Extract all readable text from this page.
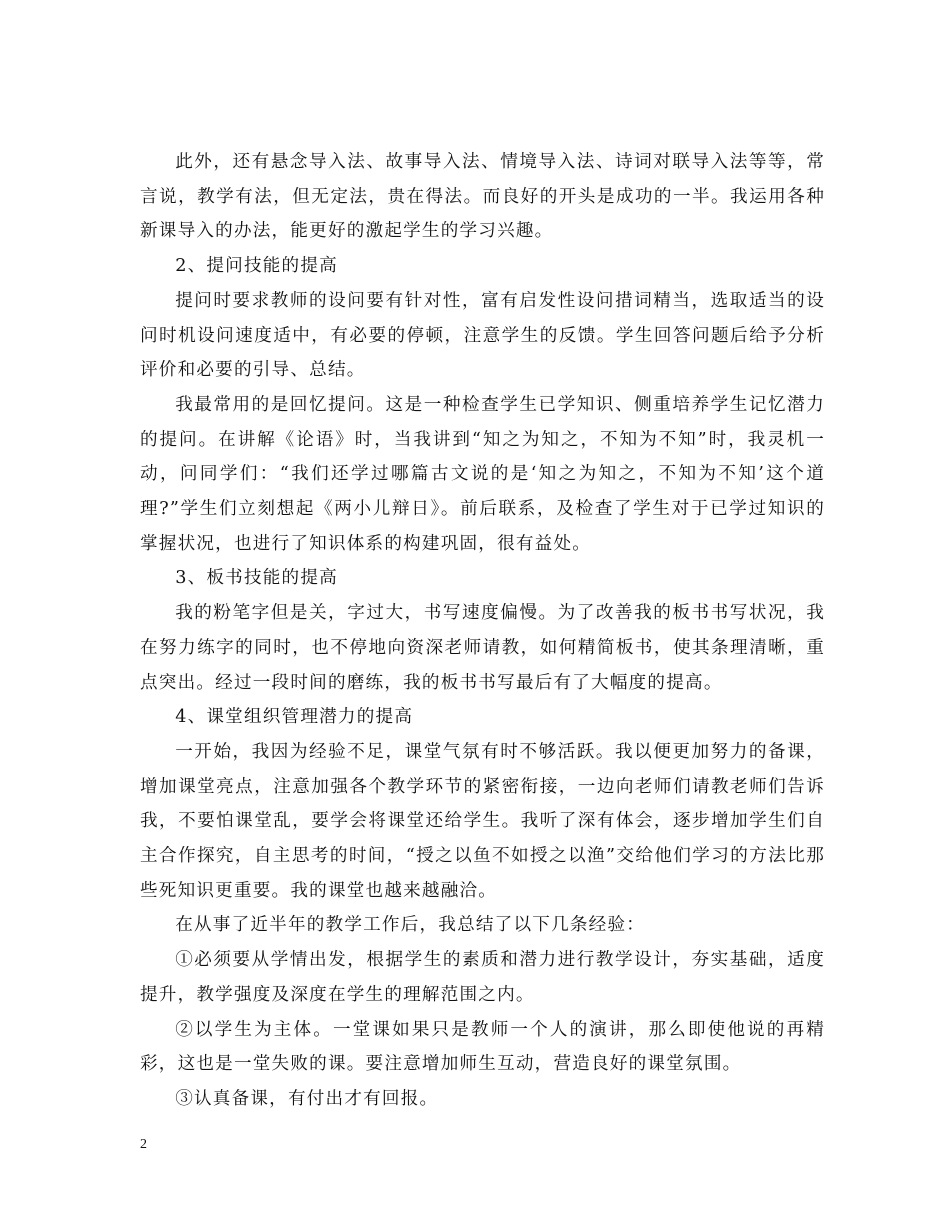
此外，还有悬念导入法、故事导入法、情境导入法、诗词对联导入法等等，常言说，教学有法，但无定法，贵在得法。而良好的开头是成功的一半。我运用各种新课导入的办法，能更好的激起学生的学习兴趣。

2、提问技能的提高

提问时要求教师的设问要有针对性，富有启发性设问措词精当，选取适当的设问时机设问速度适中，有必要的停顿，注意学生的反馈。学生回答问题后给予分析评价和必要的引导、总结。

我最常用的是回忆提问。这是一种检查学生已学知识、侧重培养学生记忆潜力的提问。在讲解《论语》时，当我讲到“知之为知之，不知为不知”时，我灵机一动，问同学们：“我们还学过哪篇古文说的是‘知之为知之，不知为不知’这个道理?”学生们立刻想起《两小儿辩日》。前后联系，及检查了学生对于已学过知识的掌握状况，也进行了知识体系的构建巩固，很有益处。

3、板书技能的提高

我的粉笔字但是关，字过大，书写速度偏慢。为了改善我的板书书写状况，我在努力练字的同时，也不停地向资深老师请教，如何精简板书，使其条理清晰，重点突出。经过一段时间的磨练，我的板书书写最后有了大幅度的提高。

4、课堂组织管理潜力的提高

一开始，我因为经验不足，课堂气氛有时不够活跃。我以便更加努力的备课，增加课堂亮点，注意加强各个教学环节的紧密衔接，一边向老师们请教老师们告诉我，不要怕课堂乱，要学会将课堂还给学生。我听了深有体会，逐步增加学生们自主合作探究，自主思考的时间，“授之以鱼不如授之以渔”交给他们学习的方法比那些死知识更重要。我的课堂也越来越融洽。

在从事了近半年的教学工作后，我总结了以下几条经验：

①必须要从学情出发，根据学生的素质和潜力进行教学设计，夯实基础，适度提升，教学强度及深度在学生的理解范围之内。

②以学生为主体。一堂课如果只是教师一个人的演讲，那么即使他说的再精彩，这也是一堂失败的课。要注意增加师生互动，营造良好的课堂氛围。

③认真备课，有付出才有回报。

2
